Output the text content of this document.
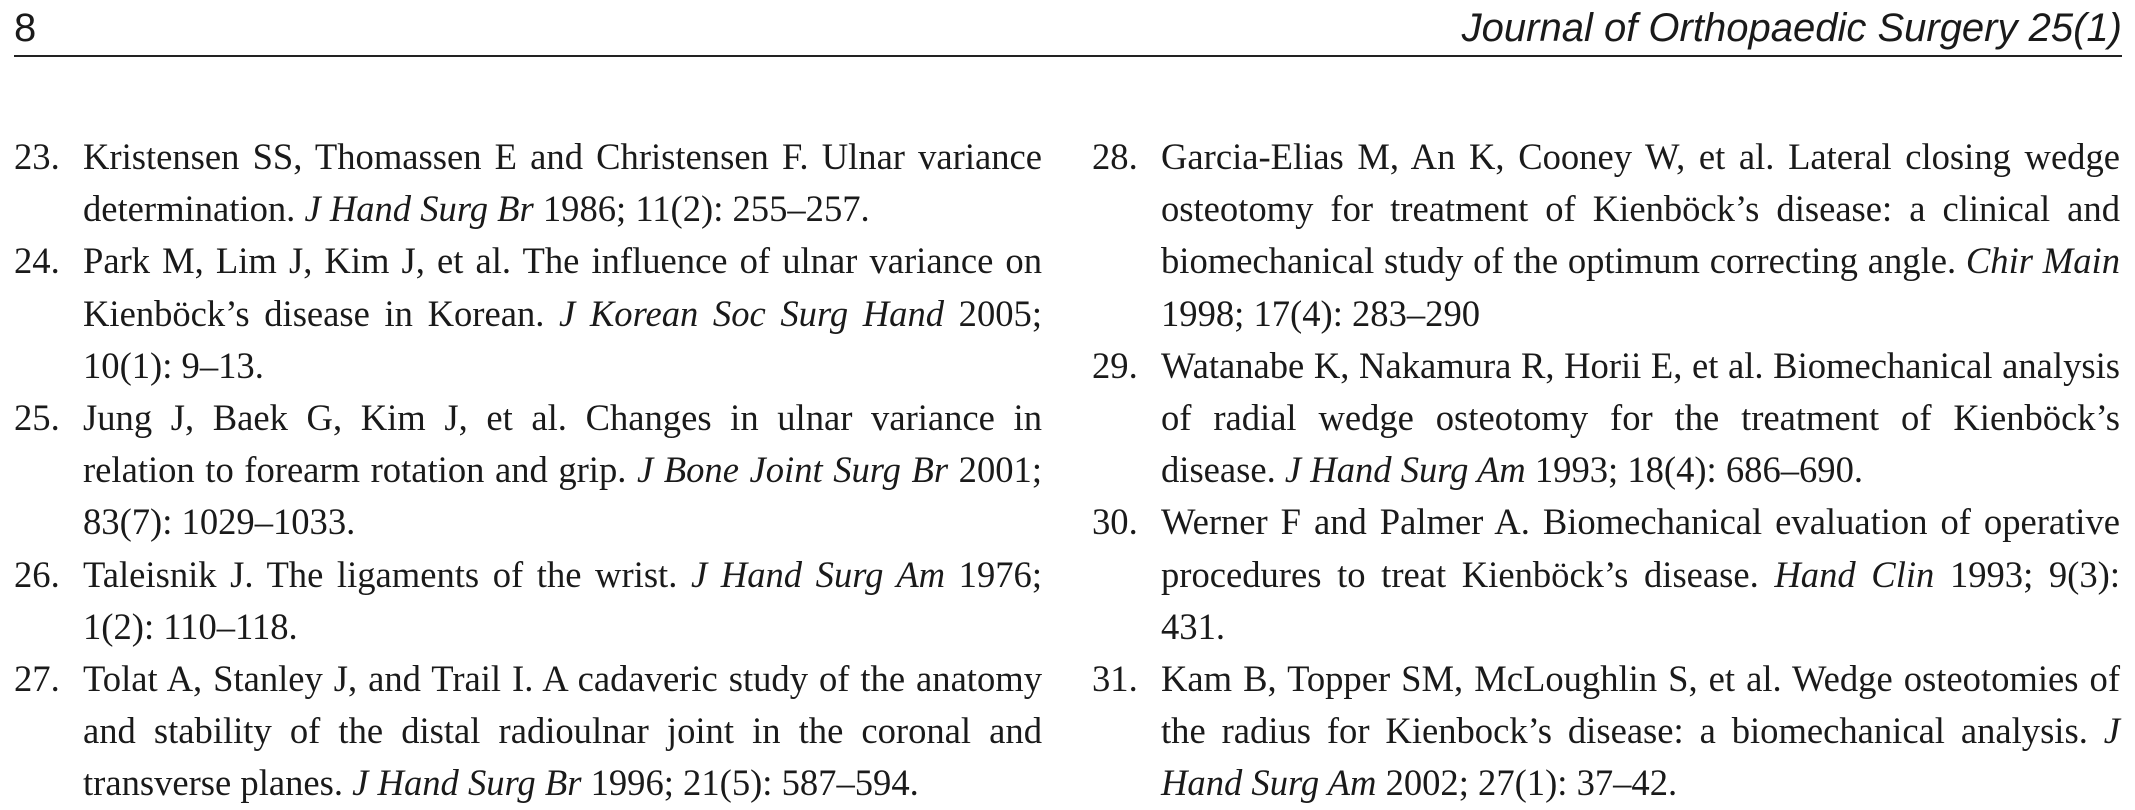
8	Journal of Orthopaedic Surgery 25(1)
23. Kristensen SS, Thomassen E and Christensen F. Ulnar variance determination. J Hand Surg Br 1986; 11(2): 255–257.
24. Park M, Lim J, Kim J, et al. The influence of ulnar variance on Kienböck’s disease in Korean. J Korean Soc Surg Hand 2005; 10(1): 9–13.
25. Jung J, Baek G, Kim J, et al. Changes in ulnar variance in relation to forearm rotation and grip. J Bone Joint Surg Br 2001; 83(7): 1029–1033.
26. Taleisnik J. The ligaments of the wrist. J Hand Surg Am 1976; 1(2): 110–118.
27. Tolat A, Stanley J, and Trail I. A cadaveric study of the anatomy and stability of the distal radioulnar joint in the coronal and transverse planes. J Hand Surg Br 1996; 21(5): 587–594.
28. Garcia-Elias M, An K, Cooney W, et al. Lateral closing wedge osteotomy for treatment of Kienböck’s disease: a clinical and biomechanical study of the optimum correcting angle. Chir Main 1998; 17(4): 283–290
29. Watanabe K, Nakamura R, Horii E, et al. Biomechanical analysis of radial wedge osteotomy for the treatment of Kienböck’s disease. J Hand Surg Am 1993; 18(4): 686–690.
30. Werner F and Palmer A. Biomechanical evaluation of operative procedures to treat Kienböck’s disease. Hand Clin 1993; 9(3): 431.
31. Kam B, Topper SM, McLoughlin S, et al. Wedge osteotomies of the radius for Kienbock’s disease: a biomechanical analysis. J Hand Surg Am 2002; 27(1): 37–42.
